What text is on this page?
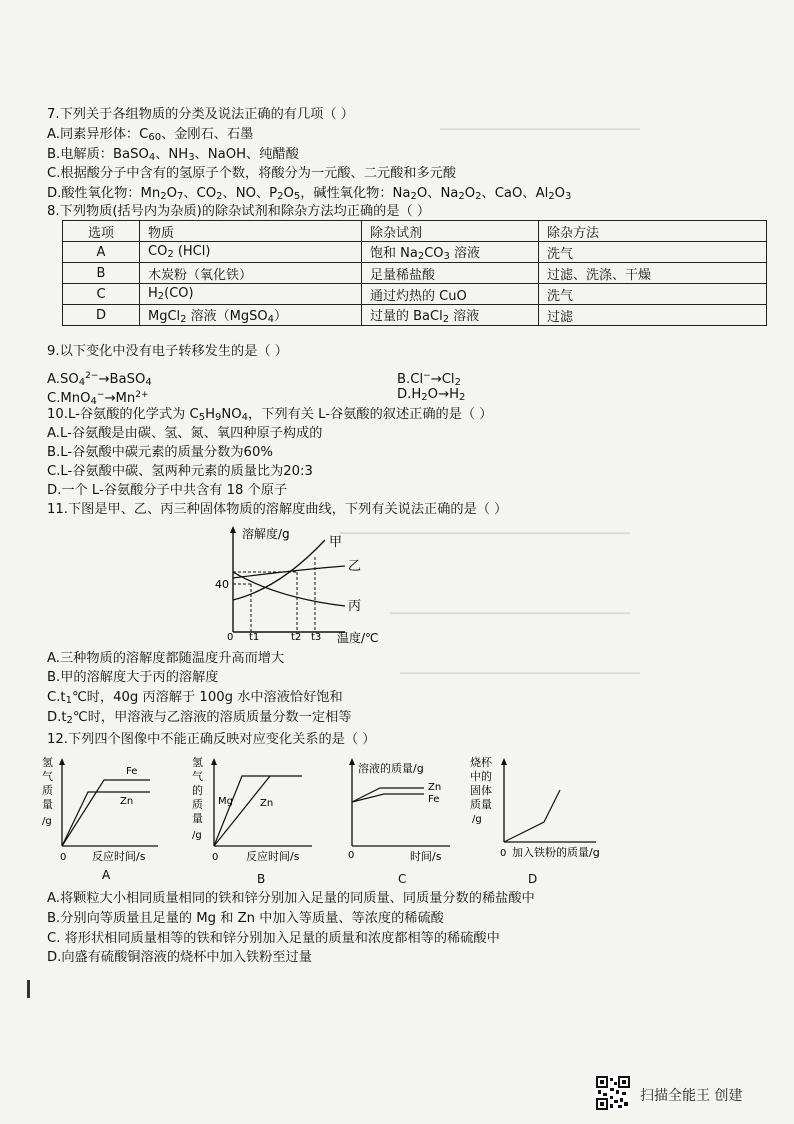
▁▁▁▁▁▁▁▁▁▁▁▁▁▁▁▁▁▁▁▁
▁▁▁▁▁▁▁▁▁▁▁▁▁▁▁▁▁▁▁▁▁▁▁▁▁▁▁▁▁
▁▁▁▁▁▁▁▁▁▁▁▁▁▁▁▁▁▁▁▁▁▁▁▁
▁▁▁▁▁▁▁▁▁▁▁▁▁▁▁▁▁▁▁▁▁▁▁▁
7.下列关于各组物质的分类及说法正确的有几项（ ）
A.同素异形体：$C_{60}$、金刚石、石墨
B.电解质：BaSO$_4$、$NH_3$、NaOH、纯醋酸
C.根据酸分子中含有的氢原子个数，将酸分为一元酸、二元酸和多元酸
D.酸性氧化物：$Mn_2O_7$、$CO_2$、NO、$P_2O_5$，碱性氧化物：$Na_2O$、$Na_2O_2$、CaO、$Al_2O_3$
8.下列物质(括号内为杂质)的除杂试剂和除杂方法均正确的是（ ）
选项	物质	除杂试剂	除杂方法
A	$CO_2$ (HCl)	饱和 $Na_2CO_3$ 溶液	洗气
B	木炭粉（氧化铁）	足量稀盐酸	过滤、洗涤、干燥
C	$H_2(CO)$	通过灼热的 CuO	洗气
D	MgCl$_2$ 溶液（MgSO$_4$）	过量的 BaCl$_2$ 溶液	过滤
9.以下变化中没有电子转移发生的是（ ）
$A.SO_4^{2-}\to BaSO_4$	$B.Cl^-\to Cl_2$
$C.MnO_4^-\to Mn^{2+}$	$D.H_2O\to H_2$
10.L-谷氨酸的化学式为 $C_5H_9NO_4$，下列有关 L-谷氨酸的叙述正确的是（ ）
A.L-谷氨酸是由碳、氢、氮、氧四种原子构成的
B.L-谷氨酸中碳元素的质量分数为60%
C.L-谷氨酸中碳、氢两种元素的质量比为20:3
D.一个 L-谷氨酸分子中共含有 18 个原子
11.下图是甲、乙、丙三种固体物质的溶解度曲线，下列有关说法正确的是（ ）
溶解度/g
温度/℃
40
0 t1	t2 t3
甲
乙
丙
A.三种物质的溶解度都随温度升高而增大
B.甲的溶解度大于丙的溶解度
$C.t_1℃$时，40g 丙溶解于 100g 水中溶液恰好饱和
$D.t_2℃$时，甲溶液与乙溶液的溶质质量分数一定相等
12.下列四个图像中不能正确反映对应变化关系的是（ ）
氢
气
质
量
/g
Fe
Zn
0 反应时间/s
A
氢
气
的
质
量
/g
Mg	Zn
0	反应时间/s
溶液的质量/g
Zn
Fe
0	时间/s
烧杯
中的
固体
质量
/g
0 加入铁粉的质量/g
B	C	D
A.将颗粒大小相同质量相同的铁和锌分别加入足量的同质量、同质量分数的稀盐酸中
B.分别向等质量且足量的 Mg 和 Zn 中加入等质量、等浓度的稀硫酸
C. 将形状相同质量相等的铁和锌分别加入足量的质量和浓度都相等的稀硫酸中
D.向盛有硫酸铜溶液的烧杯中加入铁粉至过量
扫描全能王 创建
